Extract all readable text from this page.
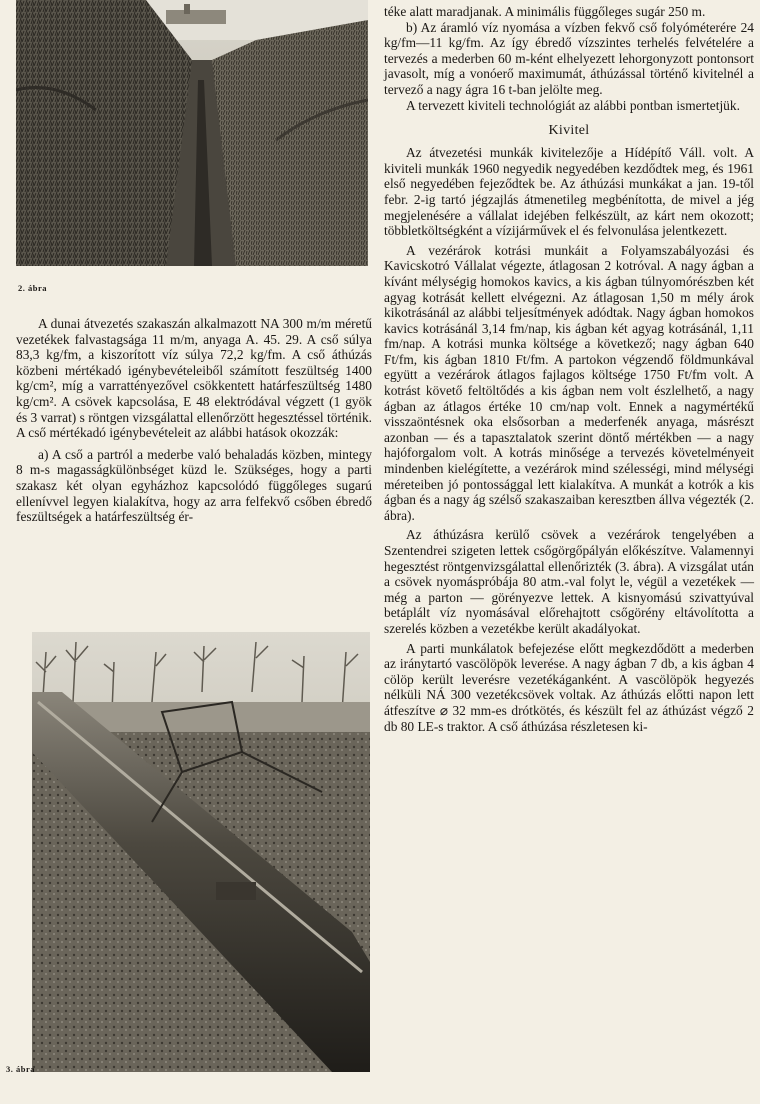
2. ábra
3. ábra

A dunai átvezetés szakaszán alkalmazott NA 300 m/m méretű vezetékek falvastagsága 11 m/m, anyaga A. 45. 29. A cső súlya 83,3 kg/fm, a kiszorított víz súlya 72,2 kg/fm. A cső áthúzás közbeni mértékadó igénybevételeiből számított feszültség 1400 kg/cm², míg a varrattényezővel csökkentett határfeszültség 1480 kg/cm². A csövek kapcsolása, E 48 elektródával végzett (1 gyök és 3 varrat) s röntgen vizsgálattal ellenőrzött hegesztéssel történik. A cső mértékadó igénybevételeit az alábbi hatások okozzák:

a) A cső a partról a mederbe való behaladás közben, mintegy 8 m-s magasságkülönbséget küzd le. Szükséges, hogy a parti szakasz két olyan egyházhoz kapcsolódó függőleges sugarú ellenívvel legyen kialakítva, hogy az arra felfekvő csőben ébredő feszültségek a határfeszültség ér-

téke alatt maradjanak. A minimális függőleges sugár 250 m.

b) Az áramló víz nyomása a vízben fekvő cső folyóméterére 24 kg/fm—11 kg/fm. Az így ébredő vízszintes terhelés felvételére a tervezés a mederben 60 m-ként elhelyezett lehorgonyzott pontonsort javasolt, míg a vonóerő maximumát, áthúzással történő kivitelnél a tervező a nagy ágra 16 t-ban jelölte meg.

A tervezett kiviteli technológiát az alábbi pontban ismertetjük.

Kivitel

Az átvezetési munkák kivitelezője a Hídépítő Váll. volt. A kiviteli munkák 1960 negyedik negyedében kezdődtek meg, és 1961 első negyedében fejeződtek be. Az áthúzási munkákat a jan. 19-től febr. 2-ig tartó jégzajlás átmenetileg megbénította, de mivel a jég megjelenésére a vállalat idejében felkészült, az kárt nem okozott; többletköltségként a vízijárművek el és felvonulása jelentkezett.

A vezérárok kotrási munkáit a Folyamszabályozási és Kavicskotró Vállalat végezte, átlagosan 2 kotróval. A nagy ágban a kívánt mélységig homokos kavics, a kis ágban túlnyomórészben két agyag kotrását kellett elvégezni. Az átlagosan 1,50 m mély árok kikotrásánál az alábbi teljesítmények adódtak. Nagy ágban homokos kavics kotrásánál 3,14 fm/nap, kis ágban két agyag kotrásánál, 1,11 fm/nap. A kotrási munka költsége a következő; nagy ágban 640 Ft/fm, kis ágban 1810 Ft/fm. A partokon végzendő földmunkával együtt a vezérárok átlagos fajlagos költsége 1750 Ft/fm volt. A kotrást követő feltöltődés a kis ágban nem volt észlelhető, a nagy ágban az átlagos értéke 10 cm/nap volt. Ennek a nagymértékű visszaöntésnek oka elsősorban a mederfenék anyaga, másrészt azonban — és a tapasztalatok szerint döntő mértékben — a nagy hajóforgalom volt. A kotrás minősége a tervezés követelményeit mindenben kielégítette, a vezérárok mind szélességi, mind mélységi méreteiben jó pontossággal lett kialakítva. A munkát a kotrók a kis ágban és a nagy ág szélső szakaszaiban keresztben állva végezték (2. ábra).

Az áthúzásra kerülő csövek a vezérárok tengelyében a Szentendrei szigeten lettek csőgörgőpályán előkészítve. Valamennyi hegesztést röntgenvizsgálattal ellenőrizték (3. ábra). A vizsgálat után a csövek nyomáspróbája 80 atm.-val folyt le, végül a vezetékek — még a parton — görényezve lettek. A kisnyomású szivattyúval betáplált víz nyomásával előrehajtott csőgörény eltávolította a szerelés közben a vezetékbe került akadályokat.

A parti munkálatok befejezése előtt megkezdődött a mederben az iránytartó vascölöpök leverése. A nagy ágban 7 db, a kis ágban 4 cölöp került leverésre vezetékáganként. A vascölöpök hegyezés nélküli NÁ 300 vezetékcsövek voltak. Az áthúzás előtti napon lett átfeszítve ⌀ 32 mm-es drótkötés, és készült fel az áthúzást végző 2 db 80 LE-s traktor. A cső áthúzása részletesen ki-
